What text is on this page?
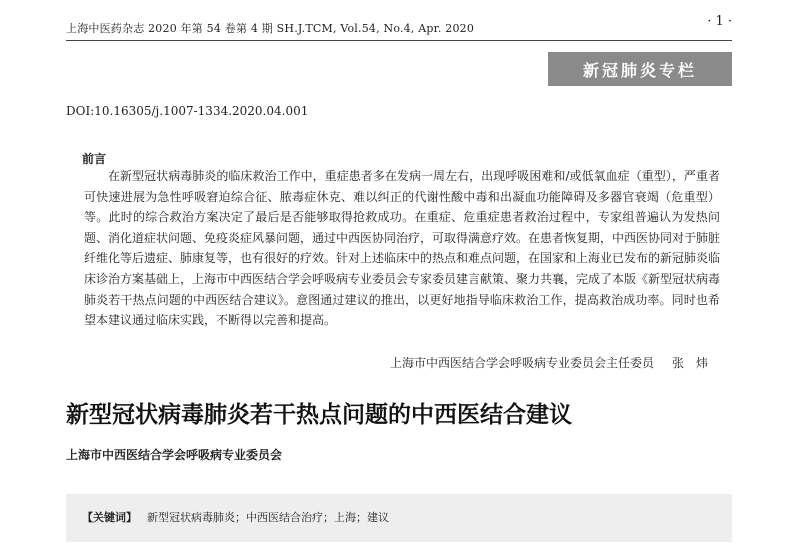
上海中医药杂志 2020 年第 54 卷第 4 期 SH.J.TCM, Vol.54, No.4, Apr. 2020	· 1 ·
新冠肺炎专栏
DOI:10.16305/j.1007-1334.2020.04.001
前言
在新型冠状病毒肺炎的临床救治工作中，重症患者多在发病一周左右，出现呼吸困难和/或低氧血症（重型），严重者可快速进展为急性呼吸窘迫综合征、脓毒症休克、难以纠正的代谢性酸中毒和出凝血功能障碍及多器官衰竭（危重型）等。此时的综合救治方案决定了最后是否能够取得抢救成功。在重症、危重症患者救治过程中，专家组普遍认为发热问题、消化道症状问题、免疫炎症风暴问题，通过中西医协同治疗，可取得满意疗效。在患者恢复期，中西医协同对于肺脏纤维化等后遗症、肺康复等，也有很好的疗效。针对上述临床中的热点和难点问题，在国家和上海业已发布的新冠肺炎临床诊治方案基础上，上海市中西医结合学会呼吸病专业委员会专家委员建言献策、聚力共襄，完成了本版《新型冠状病毒肺炎若干热点问题的中西医结合建议》。意图通过建议的推出，以更好地指导临床救治工作，提高救治成功率。同时也希望本建议通过临床实践，不断得以完善和提高。
上海市中西医结合学会呼吸病专业委员会主任委员 张炜
新型冠状病毒肺炎若干热点问题的中西医结合建议
上海市中西医结合学会呼吸病专业委员会
【关键词】 新型冠状病毒肺炎；中西医结合治疗；上海；建议
